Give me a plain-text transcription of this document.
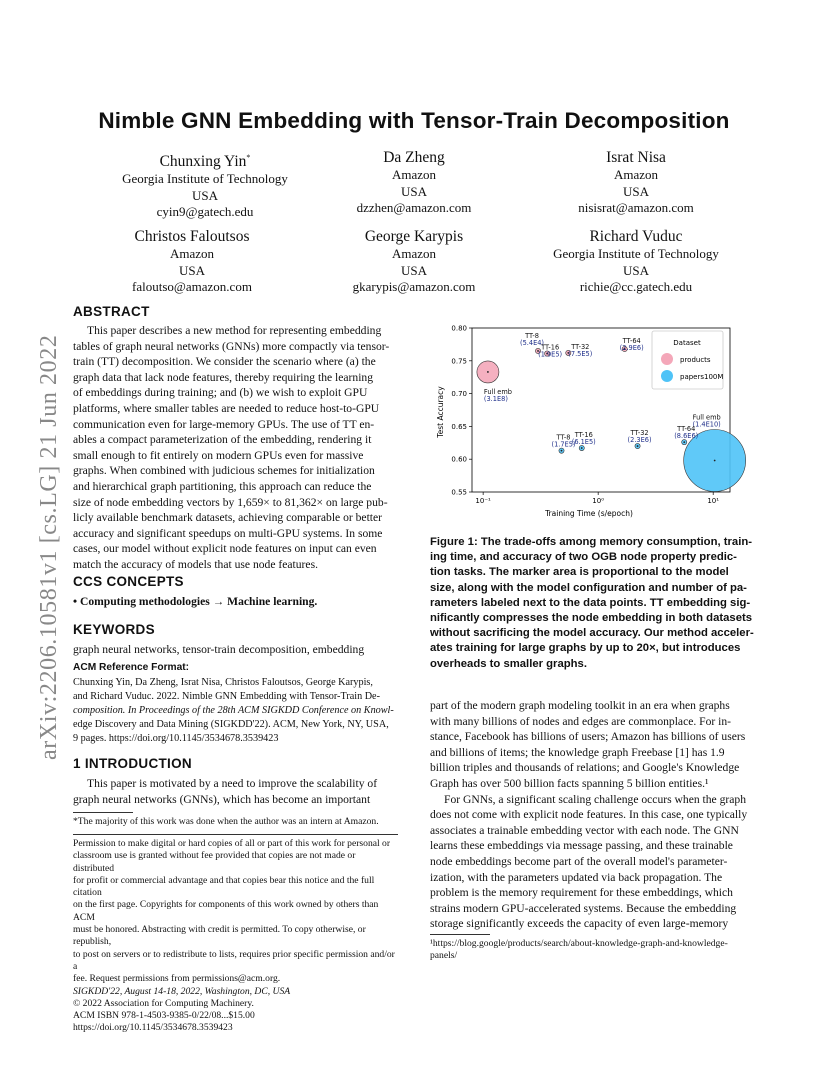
Nimble GNN Embedding with Tensor-Train Decomposition
Chunxing Yin*
Georgia Institute of Technology
USA
cyin9@gatech.edu
Da Zheng
Amazon
USA
dzzhen@amazon.com
Israt Nisa
Amazon
USA
nisisrat@amazon.com
Christos Faloutsos
Amazon
USA
faloutso@amazon.com
George Karypis
Amazon
USA
gkarypis@amazon.com
Richard Vuduc
Georgia Institute of Technology
USA
richie@cc.gatech.edu
arXiv:2206.10581v1 [cs.LG] 21 Jun 2022
ABSTRACT
This paper describes a new method for representing embedding
tables of graph neural networks (GNNs) more compactly via tensor-
train (TT) decomposition. We consider the scenario where (a) the
graph data that lack node features, thereby requiring the learning
of embeddings during training; and (b) we wish to exploit GPU
platforms, where smaller tables are needed to reduce host-to-GPU
communication even for large-memory GPUs. The use of TT en-
ables a compact parameterization of the embedding, rendering it
small enough to fit entirely on modern GPUs even for massive
graphs. When combined with judicious schemes for initialization
and hierarchical graph partitioning, this approach can reduce the
size of node embedding vectors by 1,659× to 81,362× on large pub-
licly available benchmark datasets, achieving comparable or better
accuracy and significant speedups on multi-GPU systems. In some
cases, our model without explicit node features on input can even
match the accuracy of models that use node features.
CCS CONCEPTS
• Computing methodologies → Machine learning.
KEYWORDS
graph neural networks, tensor-train decomposition, embedding
ACM Reference Format:
Chunxing Yin, Da Zheng, Israt Nisa, Christos Faloutsos, George Karypis,
and Richard Vuduc. 2022. Nimble GNN Embedding with Tensor-Train De-
composition. In Proceedings of the 28th ACM SIGKDD Conference on Knowl-
edge Discovery and Data Mining (SIGKDD'22). ACM, New York, NY, USA,
9 pages. https://doi.org/10.1145/3534678.3539423
1 INTRODUCTION
This paper is motivated by a need to improve the scalability of
graph neural networks (GNNs), which has become an important
*The majority of this work was done when the author was an intern at Amazon.
Permission to make digital or hard copies of all or part of this work for personal or
classroom use is granted without fee provided that copies are not made or distributed
for profit or commercial advantage and that copies bear this notice and the full citation
on the first page. Copyrights for components of this work owned by others than ACM
must be honored. Abstracting with credit is permitted. To copy otherwise, or republish,
to post on servers or to redistribute to lists, requires prior specific permission and/or a
fee. Request permissions from permissions@acm.org.
SIGKDD'22, August 14-18, 2022, Washington, DC, USA
© 2022 Association for Computing Machinery.
ACM ISBN 978-1-4503-9385-0/22/08...$15.00
https://doi.org/10.1145/3534678.3539423
0.55
0.60
0.65
0.70
0.75
0.80
10⁻¹	10⁰	10¹
Full emb
(3.1E8)
TT-8
(5.4E4)
TT-16
(1.9E5)
TT-32
(7.5E5)
TT-64
(2.9E6)
Full emb
(1.4E10)
TT-8
(1.7E5)
TT-16
(6.1E5)
TT-32
(2.3E6)
TT-64
(8.6E6)
Training Time (s/epoch)
Test Accuracy
Dataset
products
papers100M
Figure 1: The trade-offs among memory consumption, train-
ing time, and accuracy of two OGB node property predic-
tion tasks. The marker area is proportional to the model
size, along with the model configuration and number of pa-
rameters labeled next to the data points. TT embedding sig-
nificantly compresses the node embedding in both datasets
without sacrificing the model accuracy. Our method acceler-
ates training for large graphs by up to 20×, but introduces
overheads to smaller graphs.
part of the modern graph modeling toolkit in an era when graphs
with many billions of nodes and edges are commonplace. For in-
stance, Facebook has billions of users; Amazon has billions of users
and billions of items; the knowledge graph Freebase [1] has 1.9
billion triples and thousands of relations; and Google's Knowledge
Graph has over 500 billion facts spanning 5 billion entities.¹
For GNNs, a significant scaling challenge occurs when the graph
does not come with explicit node features. In this case, one typically
associates a trainable embedding vector with each node. The GNN
learns these embeddings via message passing, and these trainable
node embeddings become part of the overall model's parameter-
ization, with the parameters updated via back propagation. The
problem is the memory requirement for these embeddings, which
strains modern GPU-accelerated systems. Because the embedding
storage significantly exceeds the capacity of even large-memory
¹https://blog.google/products/search/about-knowledge-graph-and-knowledge-
panels/
